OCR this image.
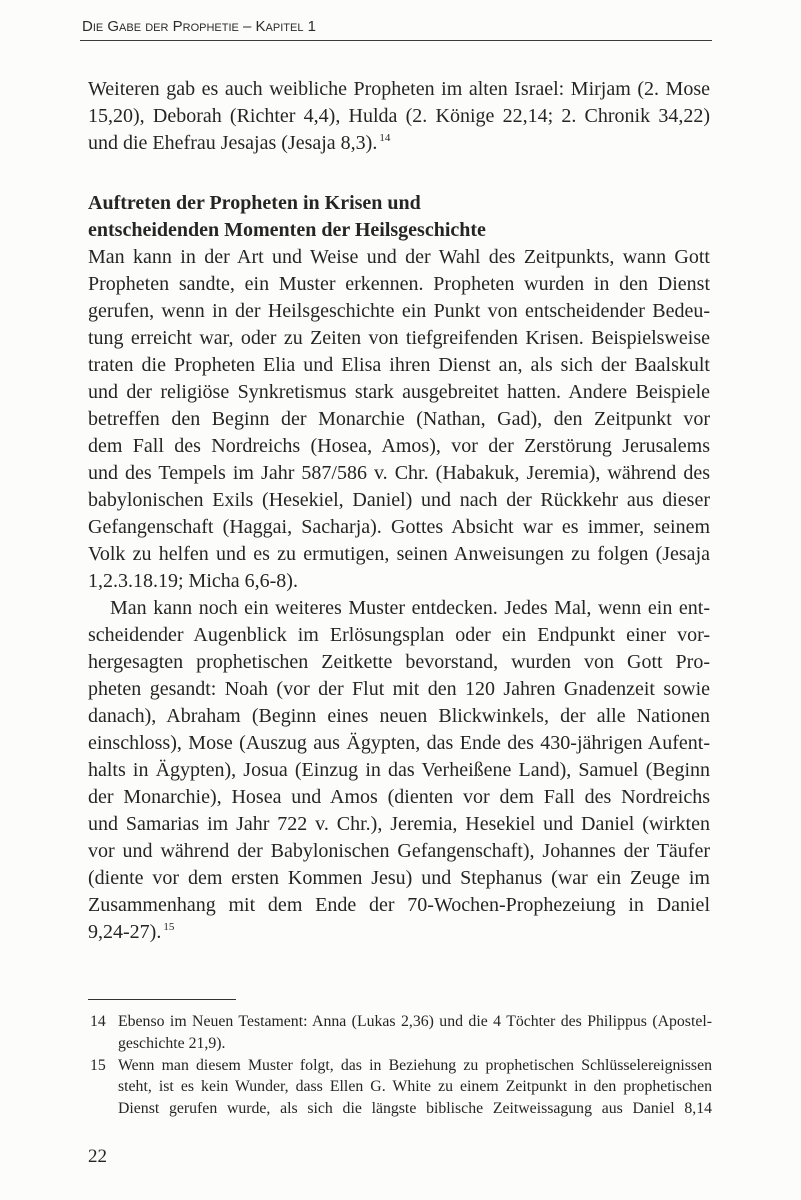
Die Gabe der Prophetie – Kapitel 1
Weiteren gab es auch weibliche Propheten im alten Israel: Mirjam (2. Mose
15,20), Deborah (Richter 4,4), Hulda (2. Könige 22,14; 2. Chronik 34,22)
und die Ehefrau Jesajas (Jesaja 8,3). $^{14}$
Auftreten der Propheten in Krisen und
entscheidenden Momenten der Heilsgeschichte
Man kann in der Art und Weise und der Wahl des Zeitpunkts, wann Gott
Propheten sandte, ein Muster erkennen. Propheten wurden in den Dienst
gerufen, wenn in der Heilsgeschichte ein Punkt von entscheidender Bedeu-
tung erreicht war, oder zu Zeiten von tiefgreifenden Krisen. Beispielsweise
traten die Propheten Elia und Elisa ihren Dienst an, als sich der Baalskult
und der religiöse Synkretismus stark ausgebreitet hatten. Andere Beispiele
betreffen den Beginn der Monarchie (Nathan, Gad), den Zeitpunkt vor
dem Fall des Nordreichs (Hosea, Amos), vor der Zerstörung Jerusalems
und des Tempels im Jahr 587/586 v. Chr. (Habakuk, Jeremia), während des
babylonischen Exils (Hesekiel, Daniel) und nach der Rückkehr aus dieser
Gefangenschaft (Haggai, Sacharja). Gottes Absicht war es immer, seinem
Volk zu helfen und es zu ermutigen, seinen Anweisungen zu folgen (Jesaja
1,2.3.18.19; Micha 6,6-8).
Man kann noch ein weiteres Muster entdecken. Jedes Mal, wenn ein ent-
scheidender Augenblick im Erlösungsplan oder ein Endpunkt einer vor-
hergesagten prophetischen Zeitkette bevorstand, wurden von Gott Pro-
pheten gesandt: Noah (vor der Flut mit den 120 Jahren Gnadenzeit sowie
danach), Abraham (Beginn eines neuen Blickwinkels, der alle Nationen
einschloss), Mose (Auszug aus Ägypten, das Ende des 430-jährigen Aufent-
halts in Ägypten), Josua (Einzug in das Verheißene Land), Samuel (Beginn
der Monarchie), Hosea und Amos (dienten vor dem Fall des Nordreichs
und Samarias im Jahr 722 v. Chr.), Jeremia, Hesekiel und Daniel (wirkten
vor und während der Babylonischen Gefangenschaft), Johannes der Täufer
(diente vor dem ersten Kommen Jesu) und Stephanus (war ein Zeuge im
Zusammenhang mit dem Ende der 70-Wochen-Prophezeiung in Daniel
9,24-27). $^{15}$
14 Ebenso im Neuen Testament: Anna (Lukas 2,36) und die 4 Töchter des Philippus (Apostel-
geschichte 21,9).
15 Wenn man diesem Muster folgt, das in Beziehung zu prophetischen Schlüsselereignissen
steht, ist es kein Wunder, dass Ellen G. White zu einem Zeitpunkt in den prophetischen
Dienst gerufen wurde, als sich die längste biblische Zeitweissagung aus Daniel 8,14
22
